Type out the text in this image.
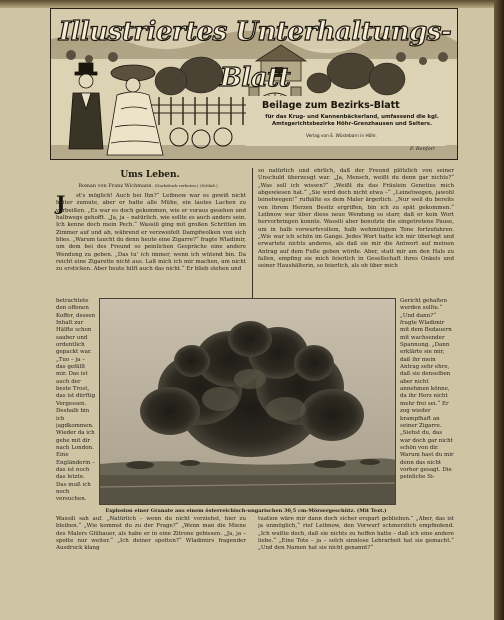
Illustriertes Unterhaltungs-Blatt
Beilage zum Bezirks-Blatt
für das Krug- und Kannenbäckerland, umfassend die kgl.
Amtsgerichtsbezirke Höhr-Grenzhausen und Selters.
Verlag von E. Wüstebarn in Höhr.
F. Renforl
Ums Leben.
Roman von Franz Wichmann. (Nachdruck verboten.) (Schluß.)
J	st's möglich! Auch bei Ihn?“ Leibnow war es gewiß nicht heiter zumute, aber er hatte alle Mühe, ein lautes Lachen zu verbeißen. „Es war es doch gekommen, wie er voraus gesehen und halbwegs gehofft. „Ja, ja – natürlich, wie sollte es auch anders sein. Ich kenne doch mein Pech.“ Wassili ging mit großen Schritten im Zimmer auf und ab, während er verzweifelt Dampfwolken von sich blies. „Warum taucht du denn heute eine Zigarre?“ fragte Wladimir, um dem bei des Freund so peinlichen Gespräche eine andere Wendung zu geben. „Das tu' ich immer, wenn ich wütend bin. Da reicht eine Zigarette nicht aus. Laß mich ich mir machen, um nicht zu ersticken. Aber heute hilft auch das nicht.“ Er blieb stehen und
betrachtete den offenen Koffer, dessen Inhalt zur Hälfte schon sauber und ordentlich gepackt war. „Tuo – ja – das gefällt mir. Das ist auch der beste Trost, das ist dürftig Vergessen. Deshalb bin ich jagdkommen. Wieder da ich gehe mit dir nach London. Eine Engländerin – das ist noch das letzte. Das muß ich noch versuchen.
Wassili sah auf. „Natürlich – wenn du nicht vorziehst, hier zu bleiben.“ „Wie kommst du zu der Frage?“ „Wenn man die Miene des Malers Glühauer, als habe er in eine Zitrone gebissen. „Ja, ja – spotte nur weiter.“ „Ich deiner spotten?“ Wladimirs fragender Ausdruck klang
so natürlich und ehrlich, daß der Freund plötzlich von seiner Unschuld überzeugt war. „Ja, Mensch, weißt du denn gar nichts?“ „Was soll ich wissen?“ „Weißt du das Fräulein Genetius mich abgewiesen hat.“ „Sie wird doch nicht etwa –“ „Leinetwegen, jawohl leinetwegen!“ rufhälte es dem Maler ärgerlich. „Nur weil du bereits von ihrem Herzen Besitz ergriffen, bin ich zu spät gekommen.“ Leibnow war über diese neue Wendung so starr, daß er kein Wort hervorbringen konnte. Wassili aber benutzte die eingetretene Pause, um in halb vorwurfsvollem, halb wehmütigem Tone fortzufahren. „Wie war ich schön im Gange. Jedes Wort hatte ich mir überlegt und erwartete nichts anderes, als daß sie mir die Antwort auf meinen Antrag auf dem Fuße geben würde. Aber, statt mir am den Hals zu fallen, empfing sie mich feierlich in Gesellschaft ihres Onkels und seiner Haushälterin, so feierlich, als ob über mich
Gericht gehalten werden sollte.“ „Und dann?“ fragte Wladimir mit dem Bedauern mit wachsender Spannung. „Dann erklärte sie mir, daß ihr mein Antrag sehr ehre, daß sie denselben aber nicht annehmen könne, da ihr Herz nicht mehr frei sei.“ Er zog wieder krampfhaft an seiner Zigarre. „Siehst du, das war doch gar nicht schön von dir. Warum hast du mir denn das nicht vorher gesagt. Die peinliche Si-
tuation wäre mir dann doch sicher erspart geblieben.“ „Aber, das ist ja unmöglich,“ rief Leibnow, den Vorwurf schmerzlich empfindend. „Ich wußte doch, daß sie nichts zu hoffen hatte – daß ich eine andere liebe.“ „Eine Tote – ja – solch sinnlose Lehrarbeit hat sie gemacht.“ „Und den Namen hat sie nicht genannt?“
Explosion einer Granate aus einem österreichisch-ungarischen 30,5 cm-Mörsergeschütz. (Mit Text.)
